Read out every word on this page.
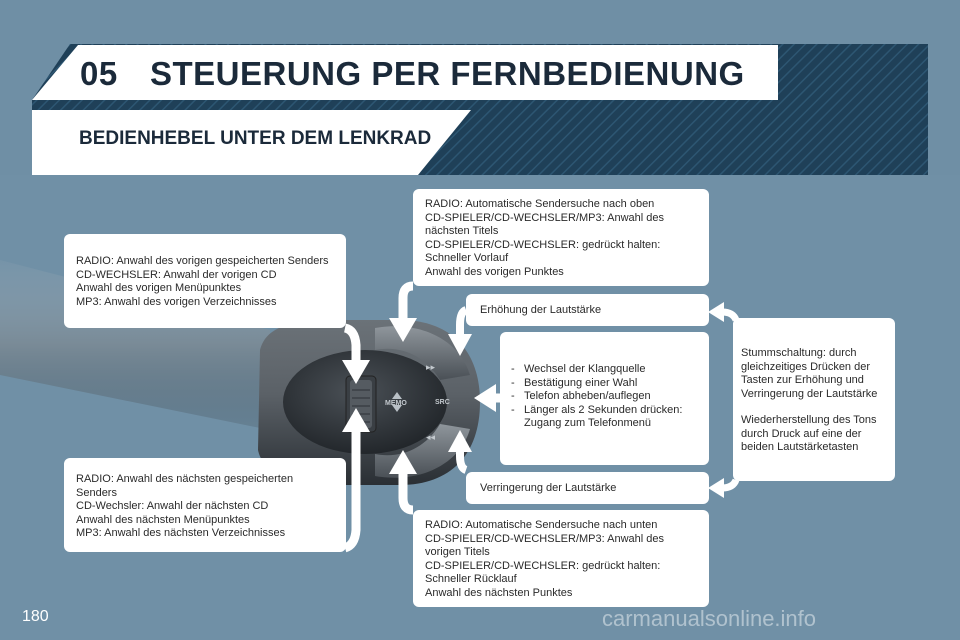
05 STEUERUNG PER FERNBEDIENUNG
BEDIENHEBEL UNTER DEM LENKRAD
MEMO	SRC
▸▸
◂◂
RADIO: Anwahl des vorigen gespeicherten Senders
CD-WECHSLER: Anwahl der vorigen CD
Anwahl des vorigen Menüpunktes
MP3: Anwahl des vorigen Verzeichnisses
RADIO: Automatische Sendersuche nach oben
CD-SPIELER/CD-WECHSLER/MP3: Anwahl des
nächsten Titels
CD-SPIELER/CD-WECHSLER: gedrückt halten:
Schneller Vorlauf
Anwahl des vorigen Punktes
Erhöhung der Lautstärke
- Wechsel der Klangquelle
- Bestätigung einer Wahl
- Telefon abheben/auflegen
- Länger als 2 Sekunden drücken:
Zugang zum Telefonmenü
Stummschaltung: durch
gleichzeitiges Drücken der
Tasten zur Erhöhung und
Verringerung der Lautstärke
Wiederherstellung des Tons
durch Druck auf eine der
beiden Lautstärketasten
Verringerung der Lautstärke
RADIO: Anwahl des nächsten gespeicherten
Senders
CD-Wechsler: Anwahl der nächsten CD
Anwahl des nächsten Menüpunktes
MP3: Anwahl des nächsten Verzeichnisses
RADIO: Automatische Sendersuche nach unten
CD-SPIELER/CD-WECHSLER/MP3: Anwahl des
vorigen Titels
CD-SPIELER/CD-WECHSLER: gedrückt halten:
Schneller Rücklauf
Anwahl des nächsten Punktes
180	carmanualsonline.info
